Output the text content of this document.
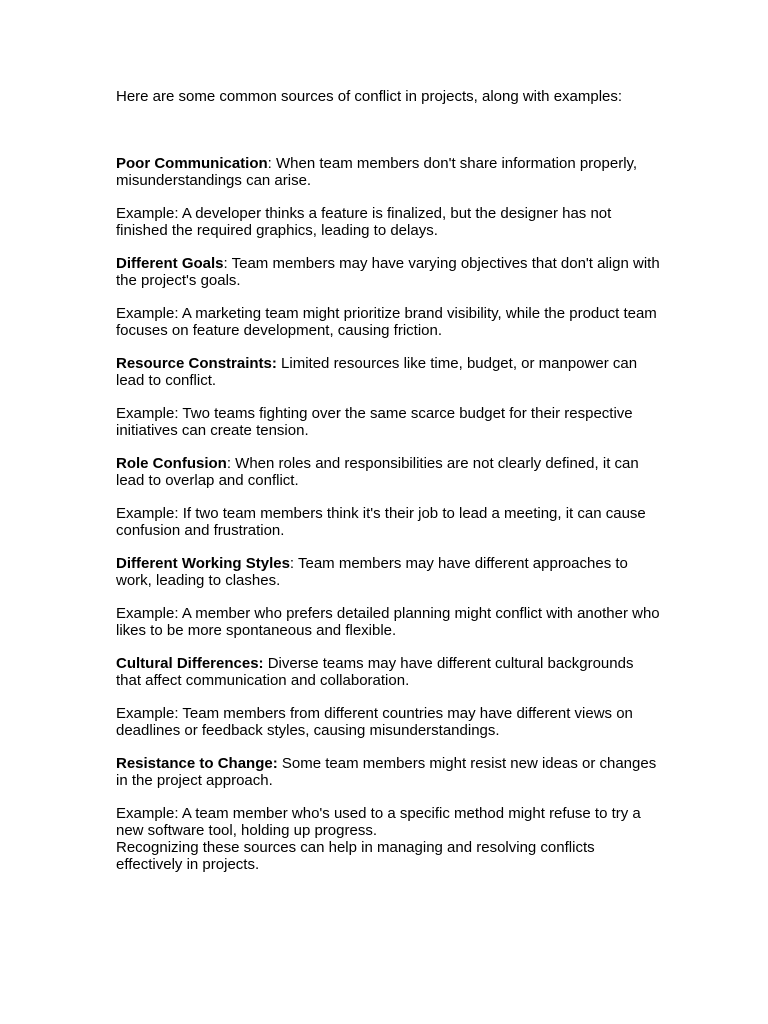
Here are some common sources of conflict in projects, along with examples:

Poor Communication: When team members don't share information properly, misunderstandings can arise.

Example: A developer thinks a feature is finalized, but the designer has not finished the required graphics, leading to delays.

Different Goals: Team members may have varying objectives that don't align with the project's goals.

Example: A marketing team might prioritize brand visibility, while the product team focuses on feature development, causing friction.

Resource Constraints: Limited resources like time, budget, or manpower can lead to conflict.

Example: Two teams fighting over the same scarce budget for their respective initiatives can create tension.

Role Confusion: When roles and responsibilities are not clearly defined, it can lead to overlap and conflict.

Example: If two team members think it's their job to lead a meeting, it can cause confusion and frustration.

Different Working Styles: Team members may have different approaches to work, leading to clashes.

Example: A member who prefers detailed planning might conflict with another who likes to be more spontaneous and flexible.

Cultural Differences: Diverse teams may have different cultural backgrounds that affect communication and collaboration.

Example: Team members from different countries may have different views on deadlines or feedback styles, causing misunderstandings.

Resistance to Change: Some team members might resist new ideas or changes in the project approach.

Example: A team member who's used to a specific method might refuse to try a new software tool, holding up progress.

Recognizing these sources can help in managing and resolving conflicts effectively in projects.
